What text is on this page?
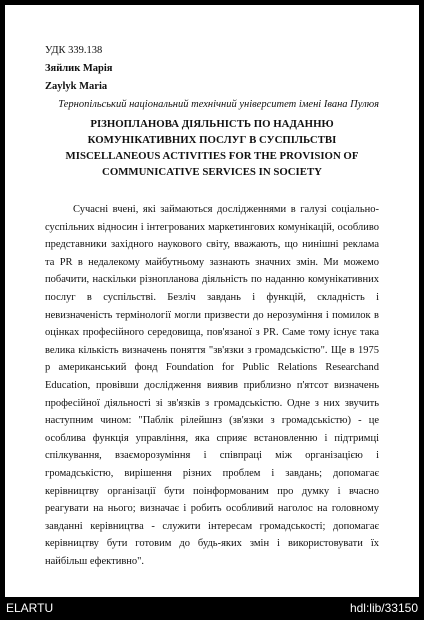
УДК 339.138

Зяйлик Марія

Zaylyk Maria

Тернопільський національний технічний університет імені Івана Пулюя

РІЗНОПЛАНОВА ДІЯЛЬНІСТЬ ПО НАДАННЮ
КОМУНІКАТИВНИХ ПОСЛУГ В СУСПІЛЬСТВІ
MISCELLANEOUS ACTIVITIES FOR THE PROVISION OF
COMMUNICATIVE SERVICES IN SOCIETY

Сучасні вчені, які займаються дослідженнями в галузі соціально-суспільних відносин і інтегрованих маркетингових комунікацій, особливо представники західного наукового світу, вважають, що нинішні реклама та PR в недалекому майбутньому зазнають значних змін. Ми можемо побачити, наскільки різнопланова діяльність по наданню комунікативних послуг в суспільстві. Безліч завдань і функцій, складність і невизначеність термінології могли призвести до нерозуміння і помилок в оцінках професійного середовища, пов'язаної з PR. Саме тому існує така велика кількість визначень поняття "зв'язки з громадськістю". Ще в 1975 р американський фонд Foundation for Public Relations Researchand Education, провівши дослідження виявив приблизно п'ятсот визначень професійної діяльності зі зв'язків з громадськістю. Одне з них звучить наступним чином: "Паблік рілейшнз (зв'язки з громадськістю) - це особлива функція управління, яка сприяє встановленню і підтримці спілкування, взаєморозуміння і співпраці між організацією і громадськістю, вирішення різних проблем і завдань; допомагає керівництву організації бути поінформованим про думку і вчасно реагувати на нього; визначає і робить особливий наголос на головному завданні керівництва - служити інтересам громадськості; допомагає керівництву бути готовим до будь-яких змін і використовувати їх найбільш ефективно".

ELARTU	hdl:lib/33150
